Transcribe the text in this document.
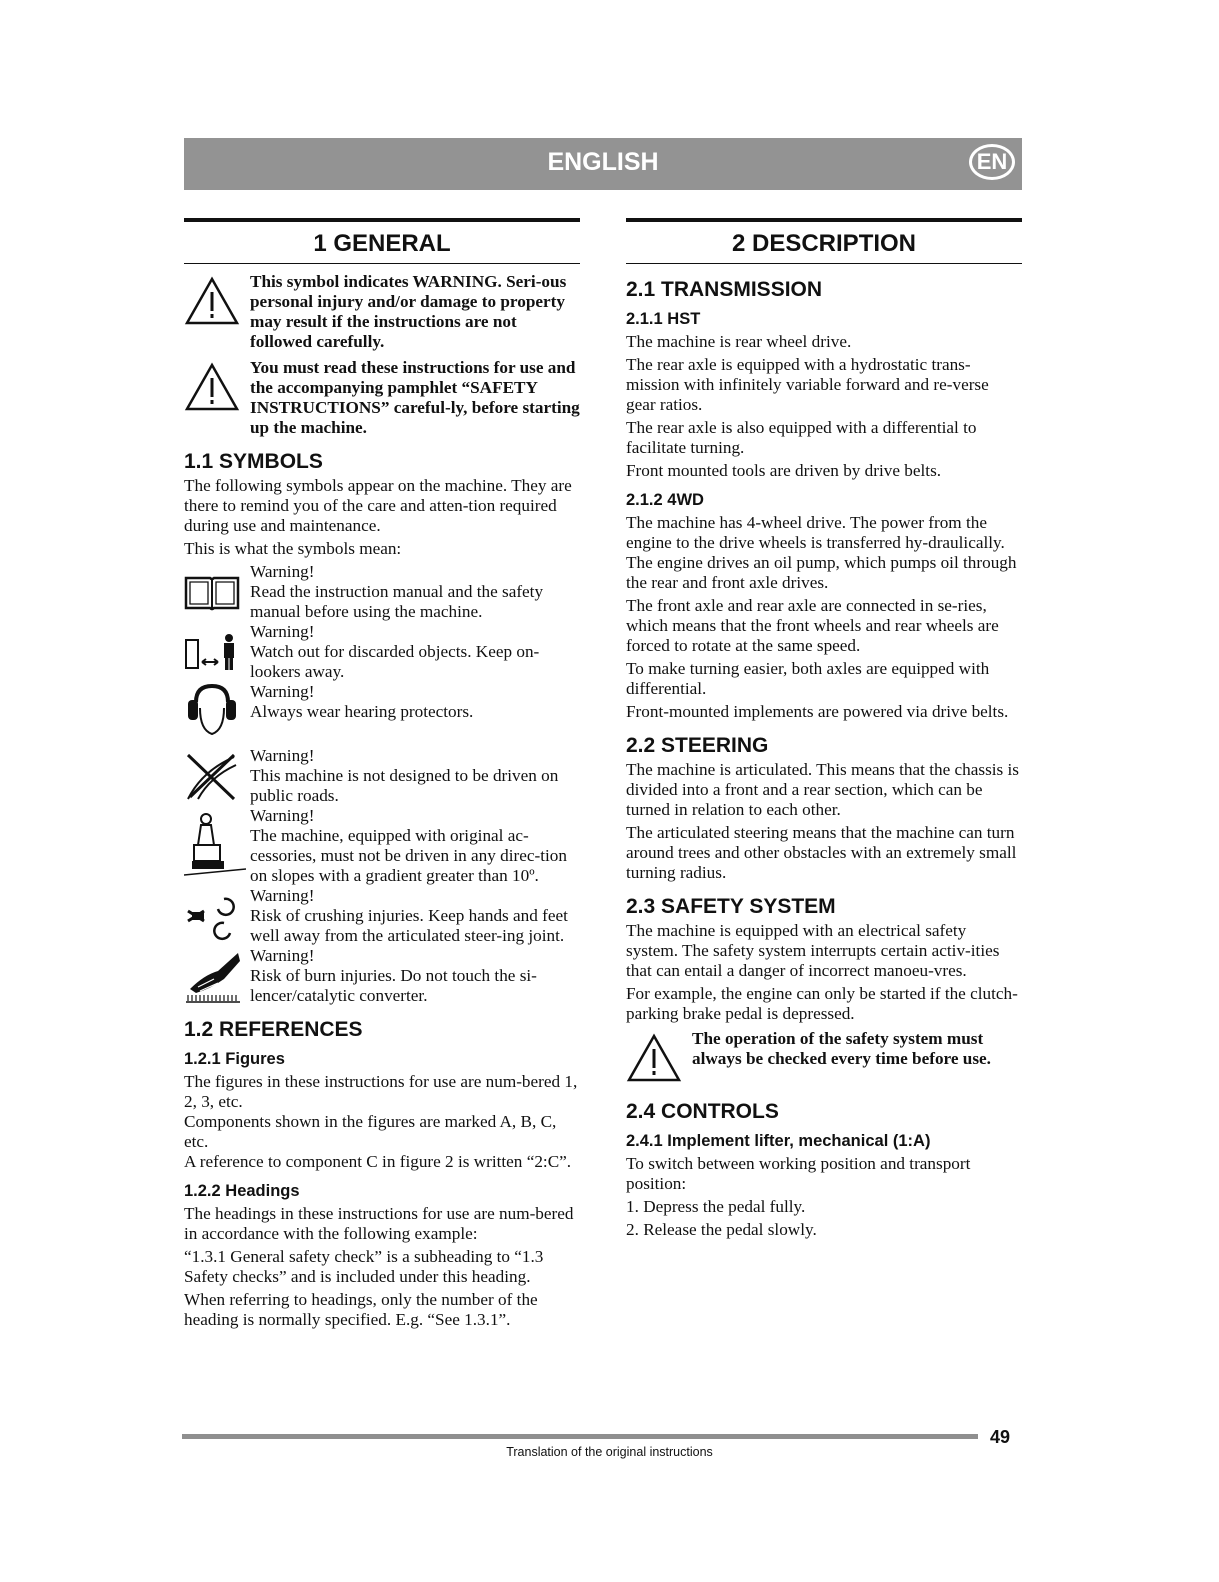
ENGLISH	EN
1 GENERAL
This symbol indicates WARNING. Seri-ous personal injury and/or damage to property may result if the instructions are not followed carefully.
You must read these instructions for use and the accompanying pamphlet “SAFETY INSTRUCTIONS” careful-ly, before starting up the machine.
1.1 SYMBOLS

The following symbols appear on the machine. They are there to remind you of the care and atten-tion required during use and maintenance.

This is what the symbols mean:

Warning!
Read the instruction manual and the safety manual before using the machine.
Warning!
Watch out for discarded objects. Keep on-lookers away.
Warning!
Always wear hearing protectors.
Warning!
This machine is not designed to be driven on public roads.
Warning!
The machine, equipped with original ac-cessories, must not be driven in any direc-tion on slopes with a gradient greater than 10º.
Warning!
Risk of crushing injuries. Keep hands and feet well away from the articulated steer-ing joint.
Warning!
Risk of burn injuries. Do not touch the si-lencer/catalytic converter.
1.2 REFERENCES
1.2.1 Figures

The figures in these instructions for use are num-bered 1, 2, 3, etc.

Components shown in the figures are marked A, B, C, etc.

A reference to component C in figure 2 is written “2:C”.

1.2.2 Headings

The headings in these instructions for use are num-bered in accordance with the following example:

“1.3.1 General safety check” is a subheading to “1.3 Safety checks” and is included under this heading.

When referring to headings, only the number of the heading is normally specified. E.g. “See 1.3.1”.

2 DESCRIPTION
2.1 TRANSMISSION
2.1.1 HST

The machine is rear wheel drive.

The rear axle is equipped with a hydrostatic trans-mission with infinitely variable forward and re-verse gear ratios.

The rear axle is also equipped with a differential to facilitate turning.

Front mounted tools are driven by drive belts.

2.1.2 4WD

The machine has 4-wheel drive. The power from the engine to the drive wheels is transferred hy-draulically. The engine drives an oil pump, which pumps oil through the rear and front axle drives.

The front axle and rear axle are connected in se-ries, which means that the front wheels and rear wheels are forced to rotate at the same speed.

To make turning easier, both axles are equipped with differential.

Front-mounted implements are powered via drive belts.

2.2 STEERING

The machine is articulated. This means that the chassis is divided into a front and a rear section, which can be turned in relation to each other.

The articulated steering means that the machine can turn around trees and other obstacles with an extremely small turning radius.

2.3 SAFETY SYSTEM

The machine is equipped with an electrical safety system. The safety system interrupts certain activ-ities that can entail a danger of incorrect manoeu-vres.

For example, the engine can only be started if the clutch-parking brake pedal is depressed.

The operation of the safety system must always be checked every time before use.
2.4 CONTROLS
2.4.1 Implement lifter, mechanical (1:A)

To switch between working position and transport position:

1. Depress the pedal fully.

2. Release the pedal slowly.

49
Translation of the original instructions
